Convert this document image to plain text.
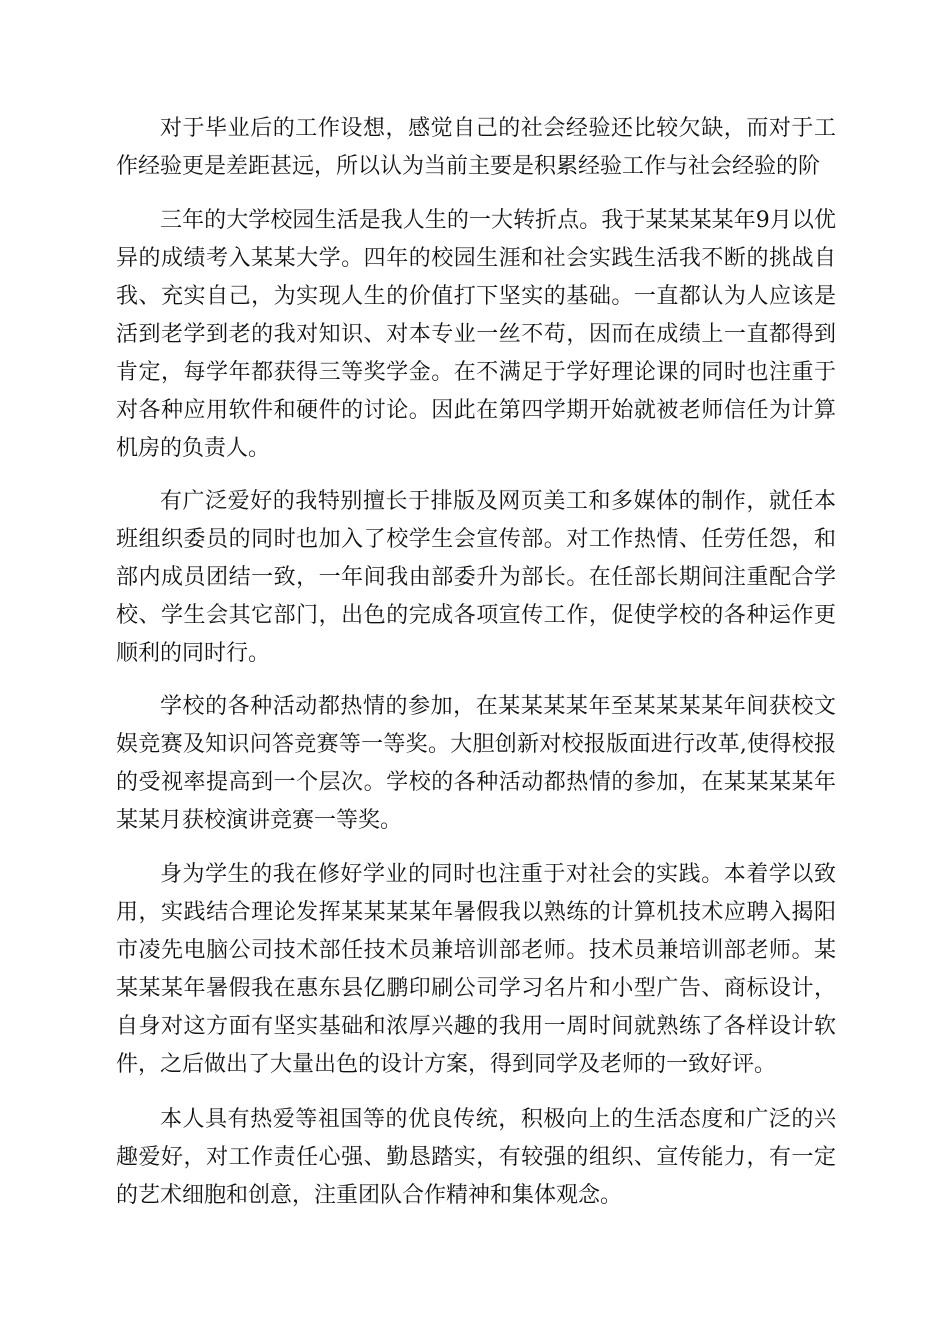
对于毕业后的工作设想，感觉自己的社会经验还比较欠缺，而对于工作经验更是差距甚远，所以认为当前主要是积累经验工作与社会经验的阶

三年的大学校园生活是我人生的一大转折点。我于某某某某年9月以优异的成绩考入某某大学。四年的校园生涯和社会实践生活我不断的挑战自我、充实自己，为实现人生的价值打下坚实的基础。一直都认为人应该是活到老学到老的我对知识、对本专业一丝不苟，因而在成绩上一直都得到肯定，每学年都获得三等奖学金。在不满足于学好理论课的同时也注重于对各种应用软件和硬件的讨论。因此在第四学期开始就被老师信任为计算机房的负责人。

有广泛爱好的我特别擅长于排版及网页美工和多媒体的制作，就任本班组织委员的同时也加入了校学生会宣传部。对工作热情、任劳任怨，和部内成员团结一致，一年间我由部委升为部长。在任部长期间注重配合学校、学生会其它部门，出色的完成各项宣传工作，促使学校的各种运作更顺利的同时行。

学校的各种活动都热情的参加，在某某某某年至某某某某年间获校文娱竞赛及知识问答竞赛等一等奖。大胆创新对校报版面进行改革,使得校报的受视率提高到一个层次。学校的各种活动都热情的参加，在某某某某年某某月获校演讲竞赛一等奖。

身为学生的我在修好学业的同时也注重于对社会的实践。本着学以致用，实践结合理论发挥某某某某年暑假我以熟练的计算机技术应聘入揭阳市凌先电脑公司技术部任技术员兼培训部老师。技术员兼培训部老师。某某某某年暑假我在惠东县亿鹏印刷公司学习名片和小型广告、商标设计，自身对这方面有坚实基础和浓厚兴趣的我用一周时间就熟练了各样设计软件，之后做出了大量出色的设计方案，得到同学及老师的一致好评。

本人具有热爱等祖国等的优良传统，积极向上的生活态度和广泛的兴趣爱好，对工作责任心强、勤恳踏实，有较强的组织、宣传能力，有一定的艺术细胞和创意，注重团队合作精神和集体观念。
